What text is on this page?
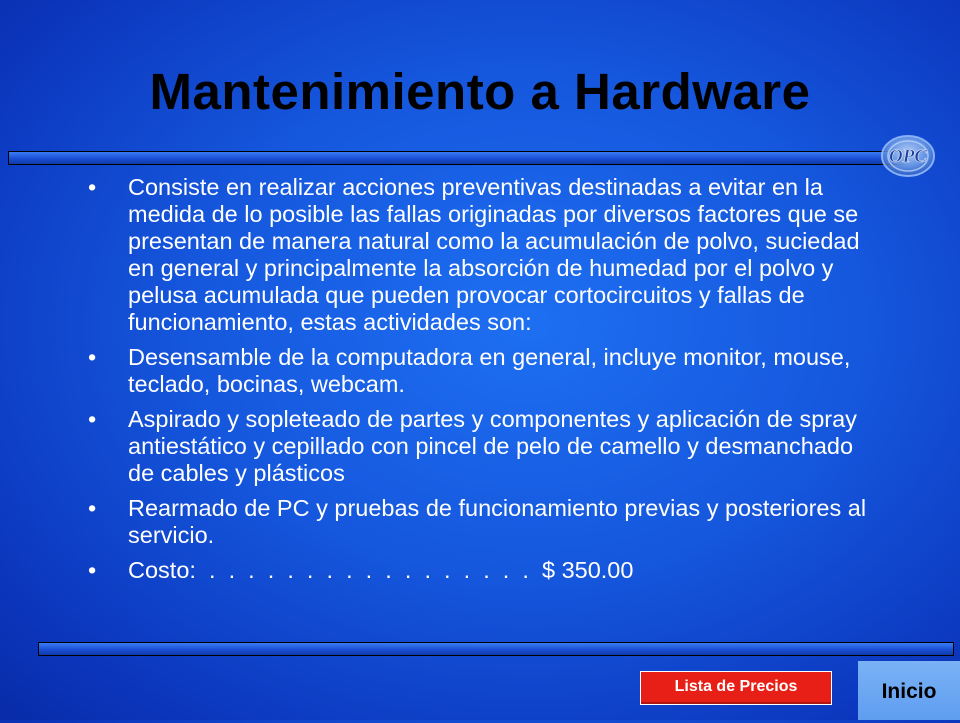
Mantenimiento a Hardware
OPC
• Consiste en realizar acciones preventivas destinadas a evitar en la medida de lo posible las fallas originadas por diversos factores que se presentan de manera natural como la acumulación de polvo, suciedad en general y principalmente la absorción de humedad por el polvo y pelusa acumulada que pueden provocar cortocircuitos y fallas de funcionamiento, estas actividades son:
• Desensamble de la computadora en general, incluye monitor, mouse, teclado, bocinas, webcam.
• Aspirado y sopleteado de partes y componentes y aplicación de spray antiestático y cepillado con pincel de pelo de camello y desmanchado de cables y plásticos
• Rearmado de PC y pruebas de funcionamiento previas y posteriores al servicio.
• Costo:  .  .  .  .  .  .  .  .  .  .  .  .  .  .  .  .  .  $ 350.00
Lista de Precios	Inicio
